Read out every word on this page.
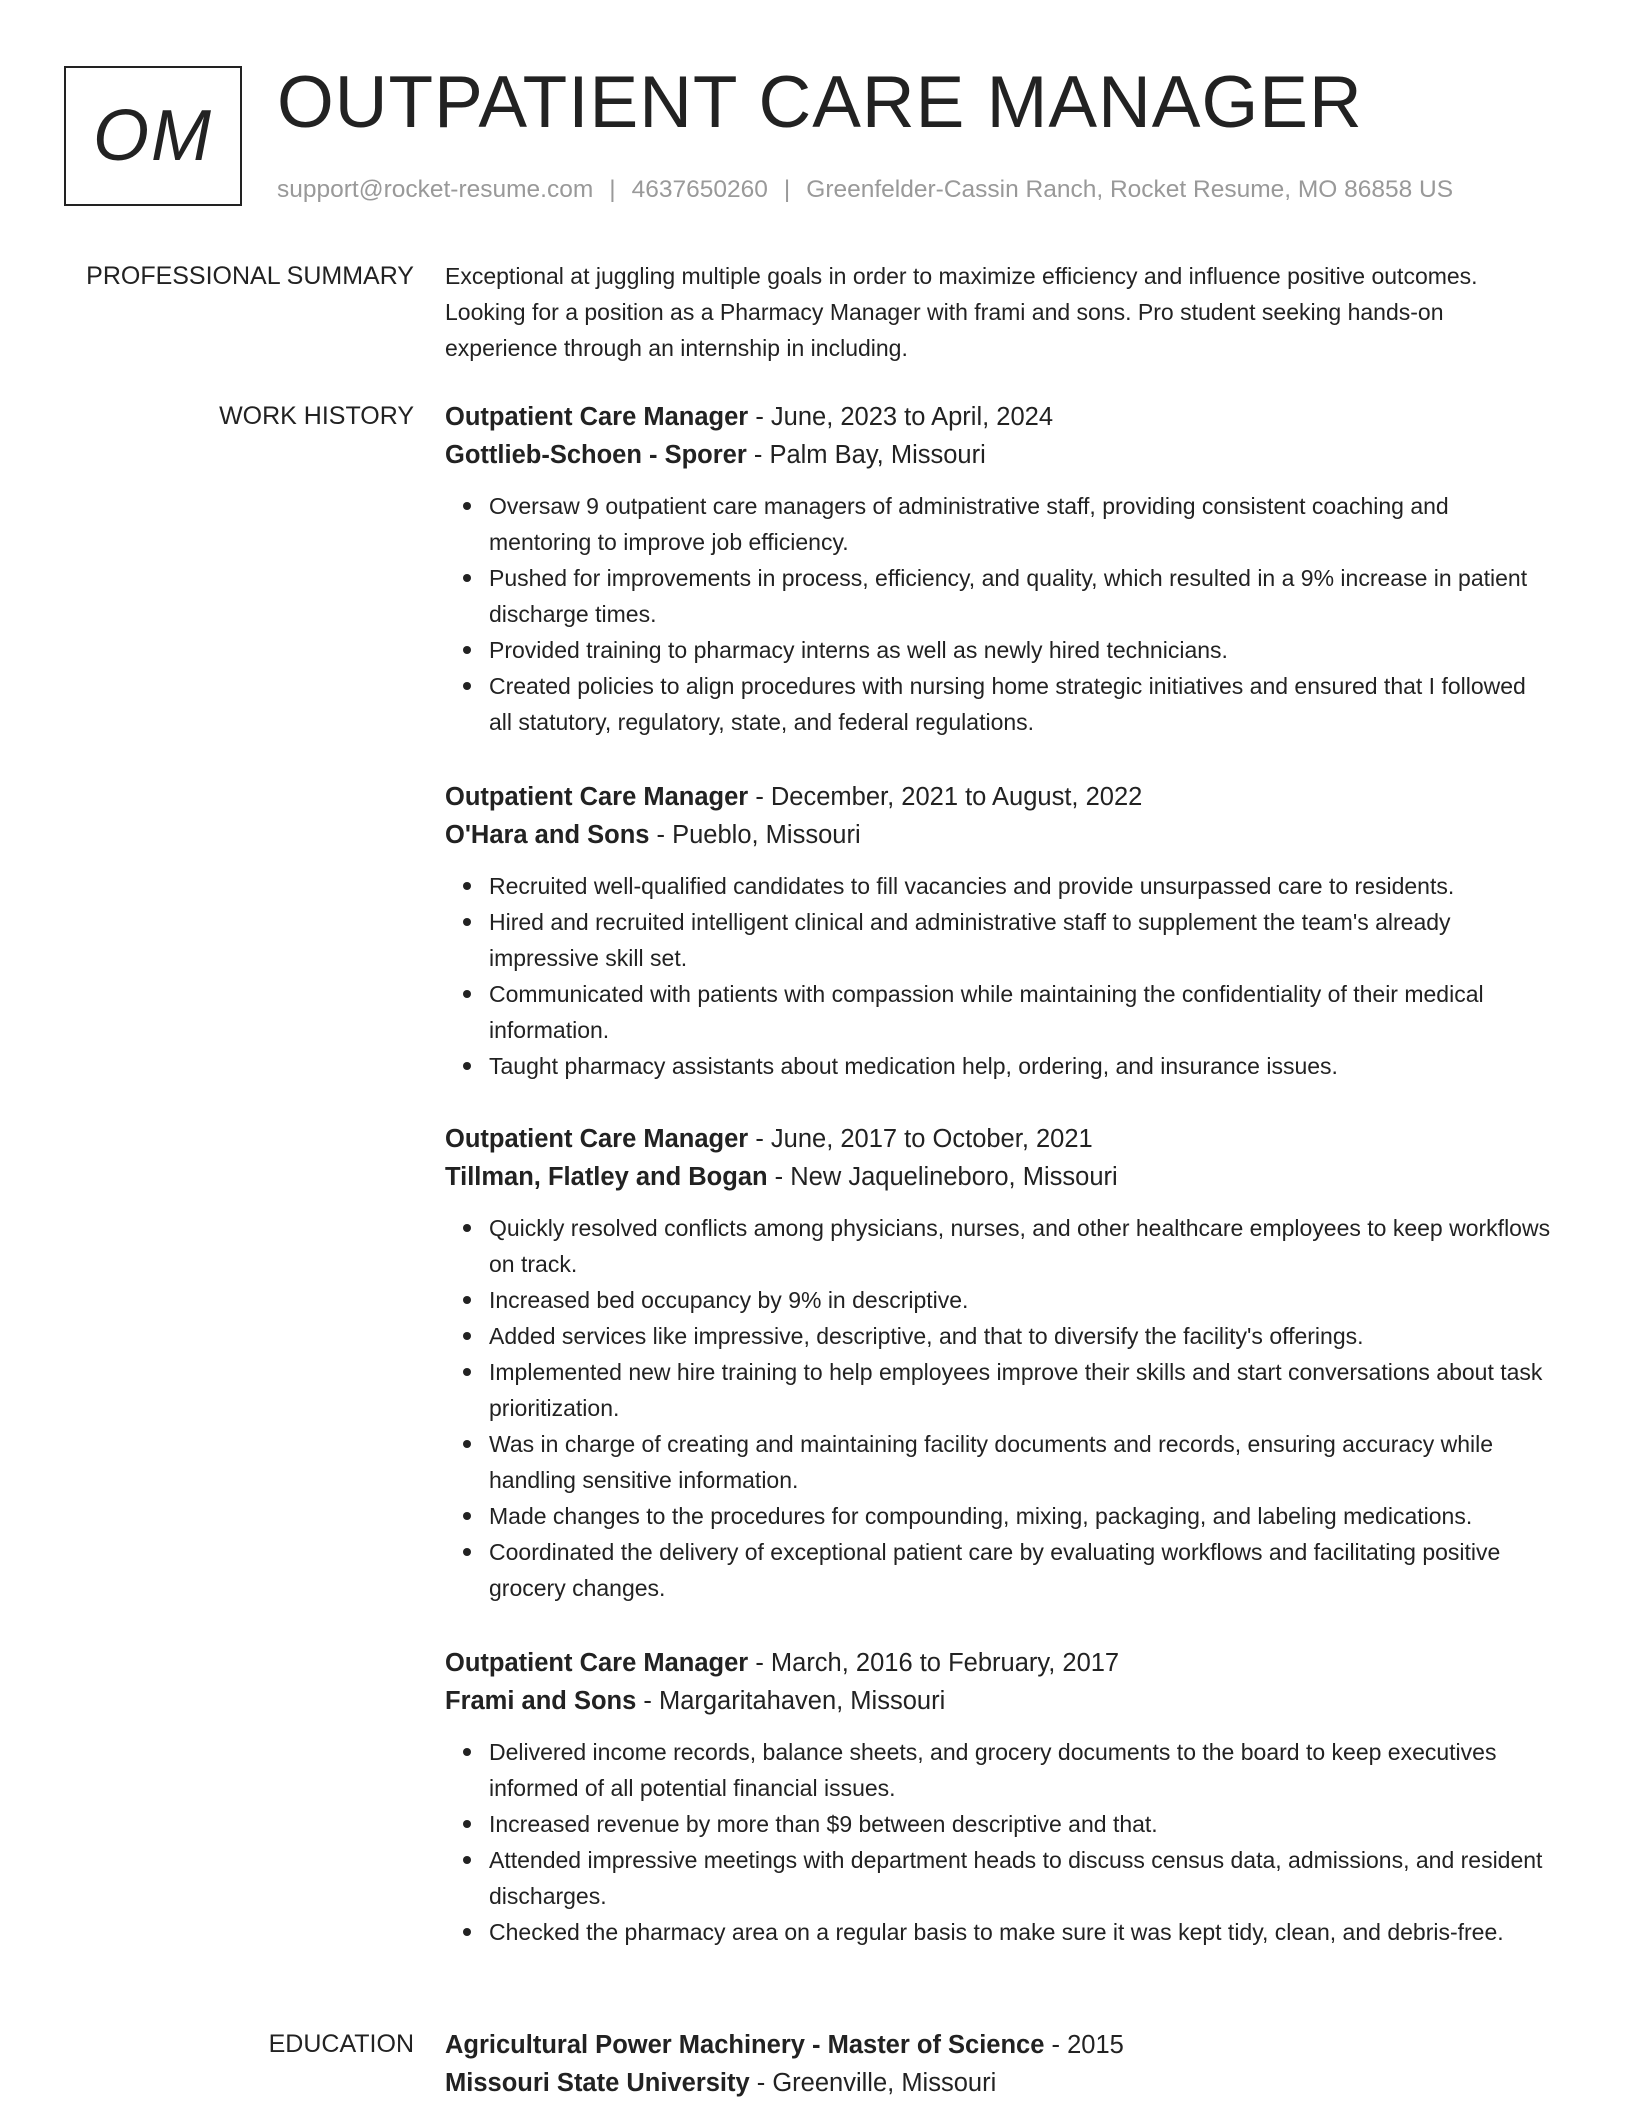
OM OUTPATIENT CARE MANAGER
support@rocket-resume.com | 4637650260 | Greenfelder-Cassin Ranch, Rocket Resume, MO 86858 US
PROFESSIONAL SUMMARY Exceptional at juggling multiple goals in order to maximize efficiency and influence positive outcomes. Looking for a position as a Pharmacy Manager with frami and sons. Pro student seeking hands-on experience through an internship in including.

WORK HISTORY Outpatient Care Manager - June, 2023 to April, 2024

Gottlieb-Schoen - Sporer - Palm Bay, Missouri

Oversaw 9 outpatient care managers of administrative staff, providing consistent coaching and mentoring to improve job efficiency.
Pushed for improvements in process, efficiency, and quality, which resulted in a 9% increase in patient discharge times.
Provided training to pharmacy interns as well as newly hired technicians.
Created policies to align procedures with nursing home strategic initiatives and ensured that I followed all statutory, regulatory, state, and federal regulations.

Outpatient Care Manager - December, 2021 to August, 2022

O'Hara and Sons - Pueblo, Missouri

Recruited well-qualified candidates to fill vacancies and provide unsurpassed care to residents.
Hired and recruited intelligent clinical and administrative staff to supplement the team's already impressive skill set.
Communicated with patients with compassion while maintaining the confidentiality of their medical information.
Taught pharmacy assistants about medication help, ordering, and insurance issues.

Outpatient Care Manager - June, 2017 to October, 2021

Tillman, Flatley and Bogan - New Jaquelineboro, Missouri

Quickly resolved conflicts among physicians, nurses, and other healthcare employees to keep workflows on track.
Increased bed occupancy by 9% in descriptive.
Added services like impressive, descriptive, and that to diversify the facility's offerings.
Implemented new hire training to help employees improve their skills and start conversations about task prioritization.
Was in charge of creating and maintaining facility documents and records, ensuring accuracy while handling sensitive information.
Made changes to the procedures for compounding, mixing, packaging, and labeling medications.
Coordinated the delivery of exceptional patient care by evaluating workflows and facilitating positive grocery changes.

Outpatient Care Manager - March, 2016 to February, 2017

Frami and Sons - Margaritahaven, Missouri

Delivered income records, balance sheets, and grocery documents to the board to keep executives informed of all potential financial issues.
Increased revenue by more than $9 between descriptive and that.
Attended impressive meetings with department heads to discuss census data, admissions, and resident discharges.
Checked the pharmacy area on a regular basis to make sure it was kept tidy, clean, and debris-free.
EDUCATION Agricultural Power Machinery - Master of Science - 2015

Missouri State University - Greenville, Missouri
